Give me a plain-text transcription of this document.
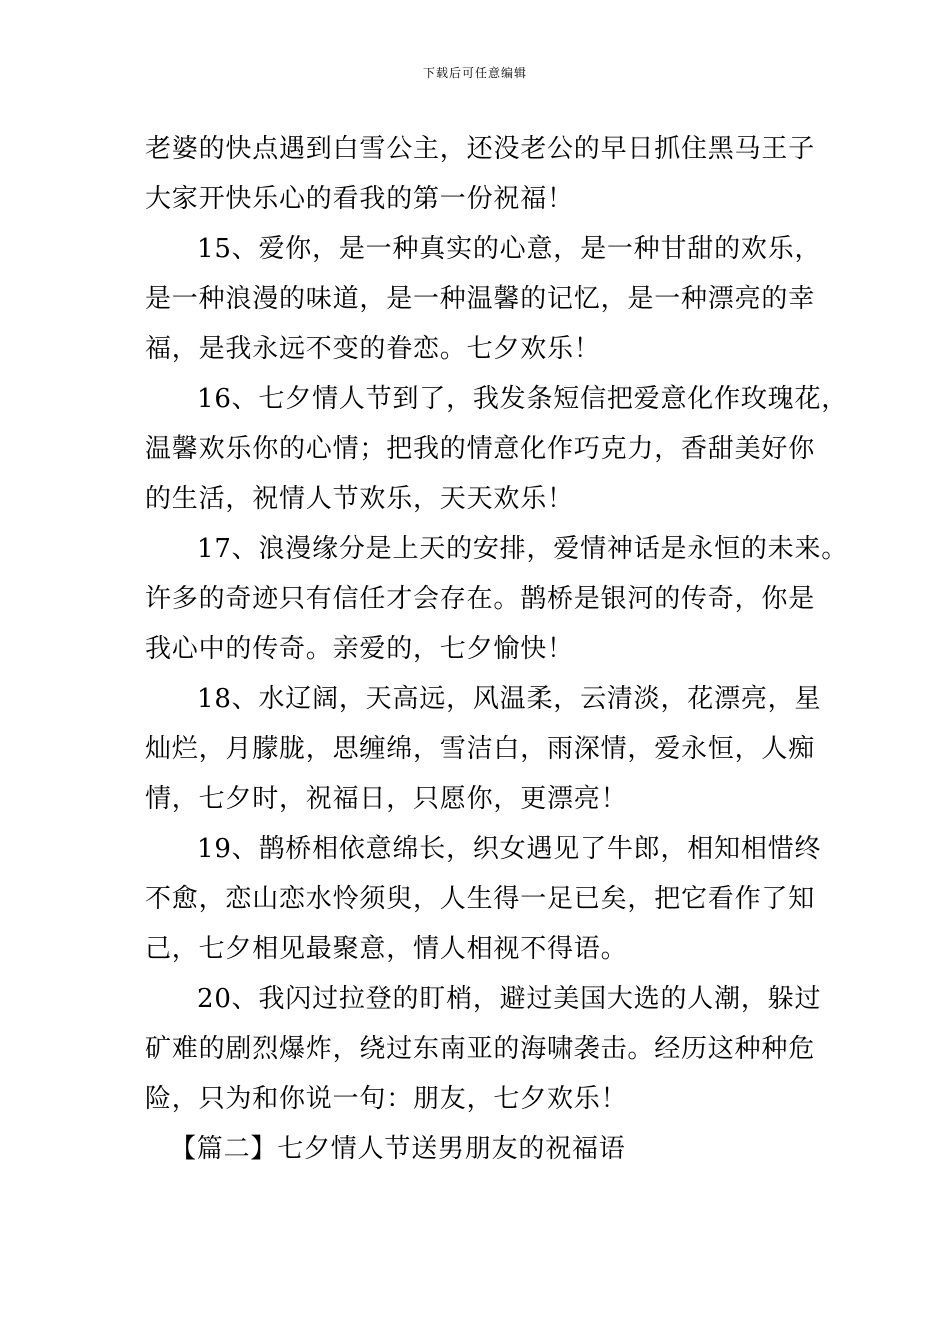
下载后可任意编辑
老婆的快点遇到白雪公主，还没老公的早日抓住黑马王子
大家开快乐心的看我的第一份祝福！
15、爱你，是一种真实的心意，是一种甘甜的欢乐，
是一种浪漫的味道，是一种温馨的记忆，是一种漂亮的幸
福，是我永远不变的眷恋。七夕欢乐！
16、七夕情人节到了，我发条短信把爱意化作玫瑰花，
温馨欢乐你的心情；把我的情意化作巧克力，香甜美好你
的生活，祝情人节欢乐，天天欢乐！
17、浪漫缘分是上天的安排，爱情神话是永恒的未来。
许多的奇迹只有信任才会存在。鹊桥是银河的传奇，你是
我心中的传奇。亲爱的，七夕愉快！
18、水辽阔，天高远，风温柔，云清淡，花漂亮，星
灿烂，月朦胧，思缠绵，雪洁白，雨深情，爱永恒，人痴
情，七夕时，祝福日，只愿你，更漂亮！
19、鹊桥相依意绵长，织女遇见了牛郎，相知相惜终
不愈，恋山恋水怜须臾，人生得一足已矣，把它看作了知
己，七夕相见最聚意，情人相视不得语。
20、我闪过拉登的盯梢，避过美国大选的人潮，躲过
矿难的剧烈爆炸，绕过东南亚的海啸袭击。经历这种种危
险，只为和你说一句：朋友，七夕欢乐！
【篇二】七夕情人节送男朋友的祝福语
